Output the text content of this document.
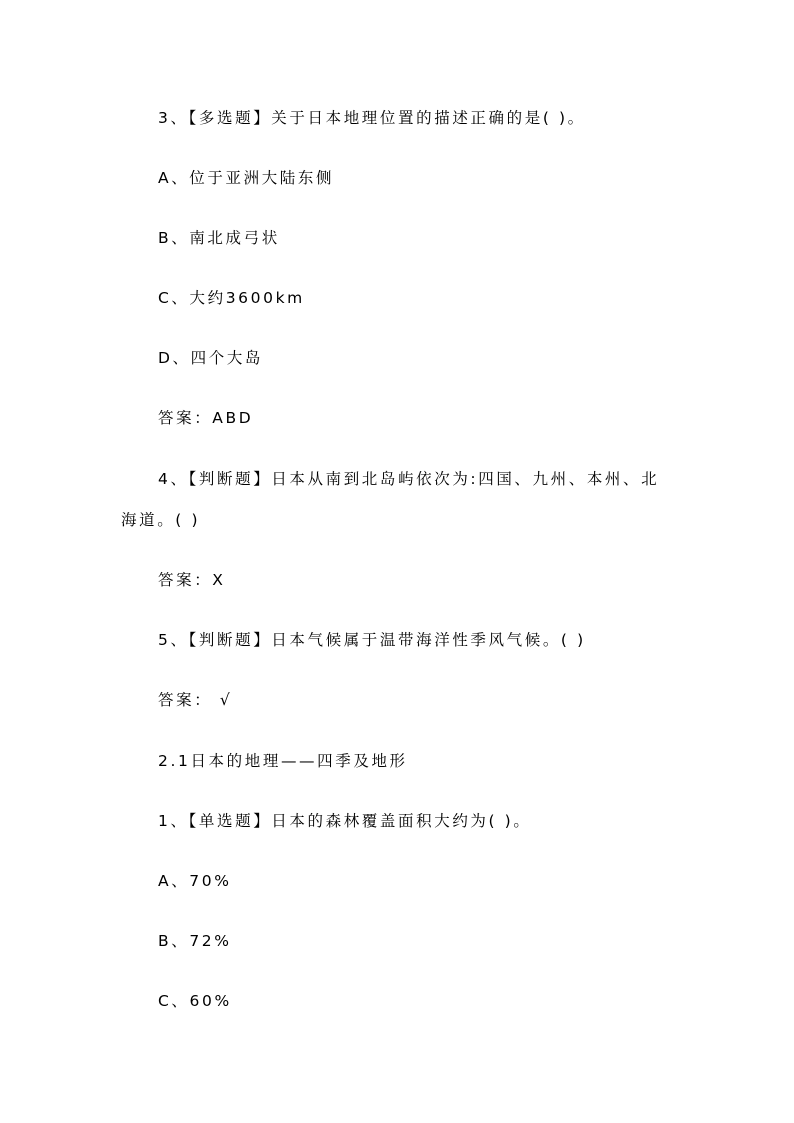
3、【多选题】关于日本地理位置的描述正确的是( )。
A、位于亚洲大陆东侧
B、南北成弓状
C、大约3600km
D、四个大岛
答案：ABD
4、【判断题】日本从南到北岛屿依次为:四国、九州、本州、北
海道。( )
答案：X
5、【判断题】日本气候属于温带海洋性季风气候。( )
答案： √
2.1日本的地理——四季及地形
1、【单选题】日本的森林覆盖面积大约为( )。
A、70%
B、72%
C、60%
